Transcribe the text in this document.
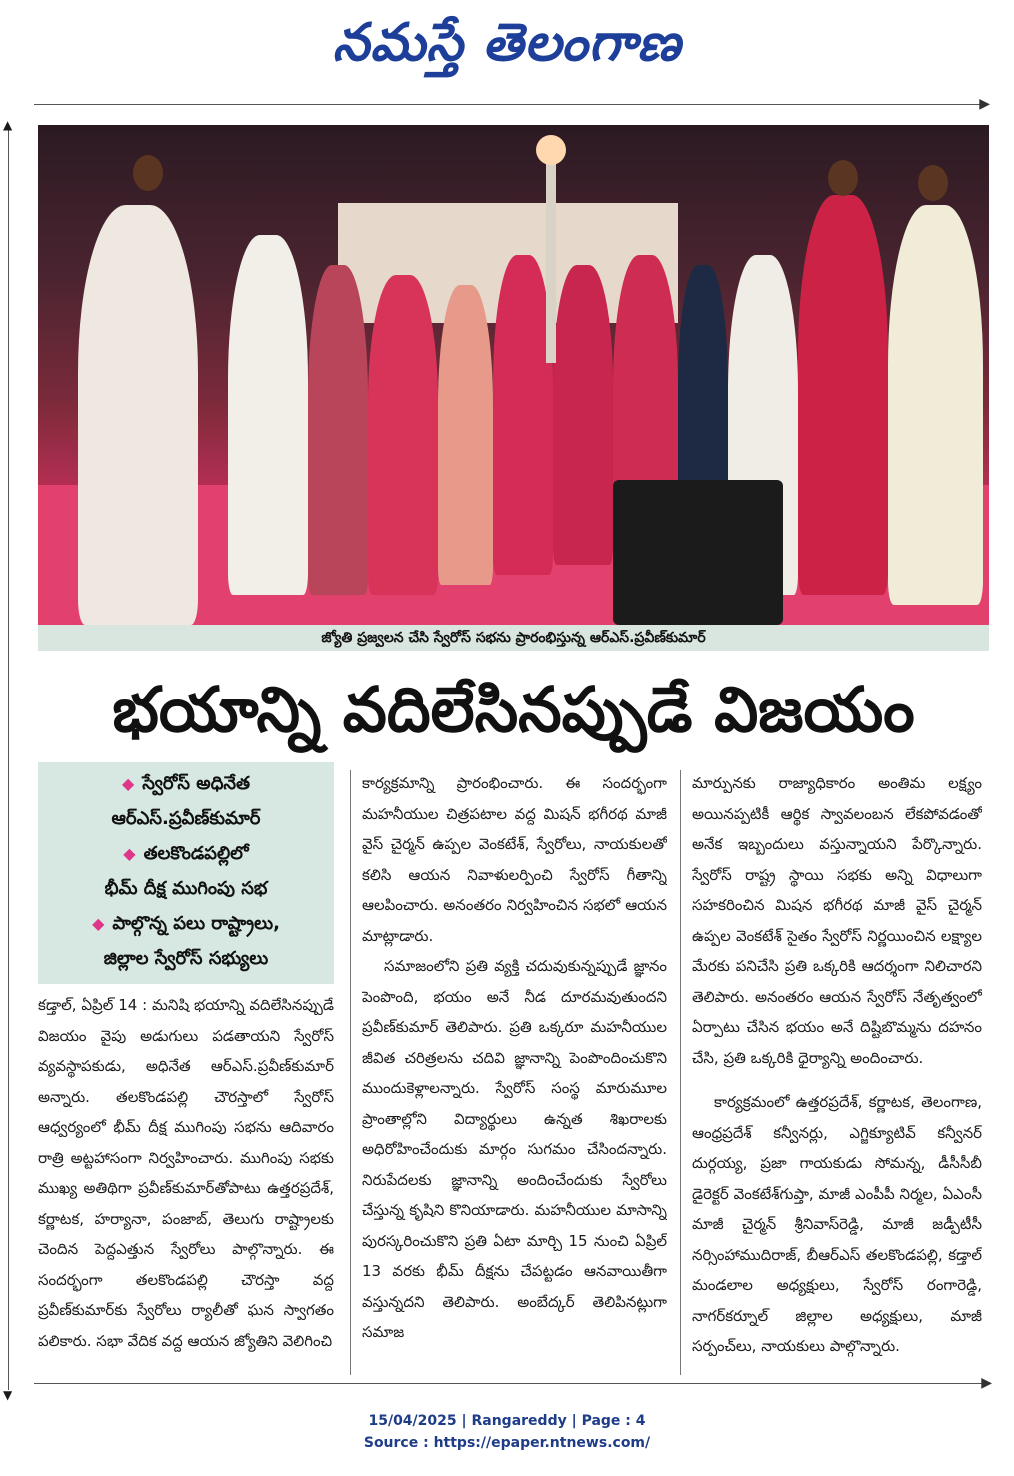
నమస్తే తెలంగాణ
▶
▲
▼
జ్యోతి ప్రజ్వలన చేసి స్వేరోస్ సభను ప్రారంభిస్తున్న ఆర్ఎస్.ప్రవీణ్‌కుమార్
భయాన్ని వదిలేసినప్పుడే విజయం
◆ స్వేరోస్ అధినేత
ఆర్ఎస్.ప్రవీణ్‌కుమార్
◆ తలకొండపల్లిలో
భీమ్ దీక్ష ముగింపు సభ
◆ పాల్గొన్న పలు రాష్ట్రాలు,
జిల్లాల స్వేరోస్ సభ్యులు

కడ్తాల్, ఏప్రిల్ 14 : మనిషి భయాన్ని వదిలేసినప్పుడే విజయం వైపు అడుగులు పడతాయని స్వేరోస్ వ్యవస్థాపకుడు, అధినేత ఆర్ఎస్.ప్రవీణ్‌కుమార్ అన్నారు. తలకొండపల్లి చౌరస్తాలో స్వేరోస్ ఆధ్వర్యంలో భీమ్ దీక్ష ముగింపు సభను ఆదివారం రాత్రి అట్టహాసంగా నిర్వహించారు. ముగింపు సభకు ముఖ్య అతిథిగా ప్రవీణ్‌కుమార్‌తోపాటు ఉత్తరప్రదేశ్, కర్ణాటక, హర్యానా, పంజాబ్, తెలుగు రాష్ట్రాలకు చెందిన పెద్దఎత్తున స్వేరోలు పాల్గొన్నారు. ఈ సందర్భంగా తలకొండపల్లి చౌరస్తా వద్ద ప్రవీణ్‌కుమార్‌కు స్వేరోలు ర్యాలీతో ఘన స్వాగతం పలికారు. సభా వేదిక వద్ద ఆయన జ్యోతిని వెలిగించి

కార్యక్రమాన్ని ప్రారంభించారు. ఈ సందర్భంగా మహనీయుల చిత్రపటాల వద్ద మిషన్ భగీరథ మాజీ వైస్ చైర్మన్ ఉప్పల వెంకటేశ్, స్వేరోలు, నాయకులతో కలిసి ఆయన నివాళులర్పించి స్వేరోస్ గీతాన్ని ఆలపించారు. అనంతరం నిర్వహించిన సభలో ఆయన మాట్లాడారు.

సమాజంలోని ప్రతి వ్యక్తి చదువుకున్నప్పుడే జ్ఞానం పెంపొంది, భయం అనే నీడ దూరమవుతుందని ప్రవీణ్‌కుమార్ తెలిపారు. ప్రతి ఒక్కరూ మహనీయుల జీవిత చరిత్రలను చదివి జ్ఞానాన్ని పెంపొందించుకొని ముందుకెళ్లాలన్నారు. స్వేరోస్ సంస్థ మారుమూల ప్రాంతాల్లోని విద్యార్థులు ఉన్నత శిఖరాలకు అధిరోహించేందుకు మార్గం సుగమం చేసిందన్నారు. నిరుపేదలకు జ్ఞానాన్ని అందించేందుకు స్వేరోలు చేస్తున్న కృషిని కొనియాడారు. మహనీయుల మాసాన్ని పురస్కరించుకొని ప్రతి ఏటా మార్చి 15 నుంచి ఏప్రిల్ 13 వరకు భీమ్ దీక్షను చేపట్టడం ఆనవాయితీగా వస్తున్నదని తెలిపారు. అంబేద్కర్ తెలిపినట్లుగా సమాజ

మార్పునకు రాజ్యాధికారం అంతిమ లక్ష్యం అయినప్పటికీ ఆర్థిక స్వావలంబన లేకపోవడంతో అనేక ఇబ్బందులు వస్తున్నాయని పేర్కొన్నారు. స్వేరోస్ రాష్ట్ర స్థాయి సభకు అన్ని విధాలుగా సహకరించిన మిషన భగీరథ మాజీ వైస్ చైర్మన్ ఉప్పల వెంకటేశ్ సైతం స్వేరోస్ నిర్ణయించిన లక్ష్యాల మేరకు పనిచేసి ప్రతి ఒక్కరికి ఆదర్శంగా నిలిచారని తెలిపారు. అనంతరం ఆయన స్వేరోస్ నేతృత్వంలో ఏర్పాటు చేసిన భయం అనే దిష్టిబొమ్మను దహనం చేసి, ప్రతి ఒక్కరికి ధైర్యాన్ని అందించారు.

కార్యక్రమంలో ఉత్తరప్రదేశ్, కర్ణాటక, తెలంగాణ, ఆంధ్రప్రదేశ్ కన్వీనర్లు, ఎగ్జిక్యూటివ్ కన్వీనర్ దుర్గయ్య, ప్రజా గాయకుడు సోమన్న, డీసీసీబీ డైరెక్టర్ వెంకటేశ్‌గుప్తా, మాజీ ఎంపీపీ నిర్మల, ఏఎంసీ మాజీ చైర్మన్ శ్రీనివాస్‌రెడ్డి, మాజీ జడ్పీటీసీ నర్సింహాముదిరాజ్, బీఆర్ఎస్ తలకొండపల్లి, కడ్తాల్ మండలాల అధ్యక్షులు, స్వేరోస్ రంగారెడ్డి, నాగర్‌కర్నూల్ జిల్లాల అధ్యక్షులు, మాజీ సర్పంచ్‌లు, నాయకులు పాల్గొన్నారు.

▶
15/04/2025 | Rangareddy | Page : 4
Source : https://epaper.ntnews.com/
